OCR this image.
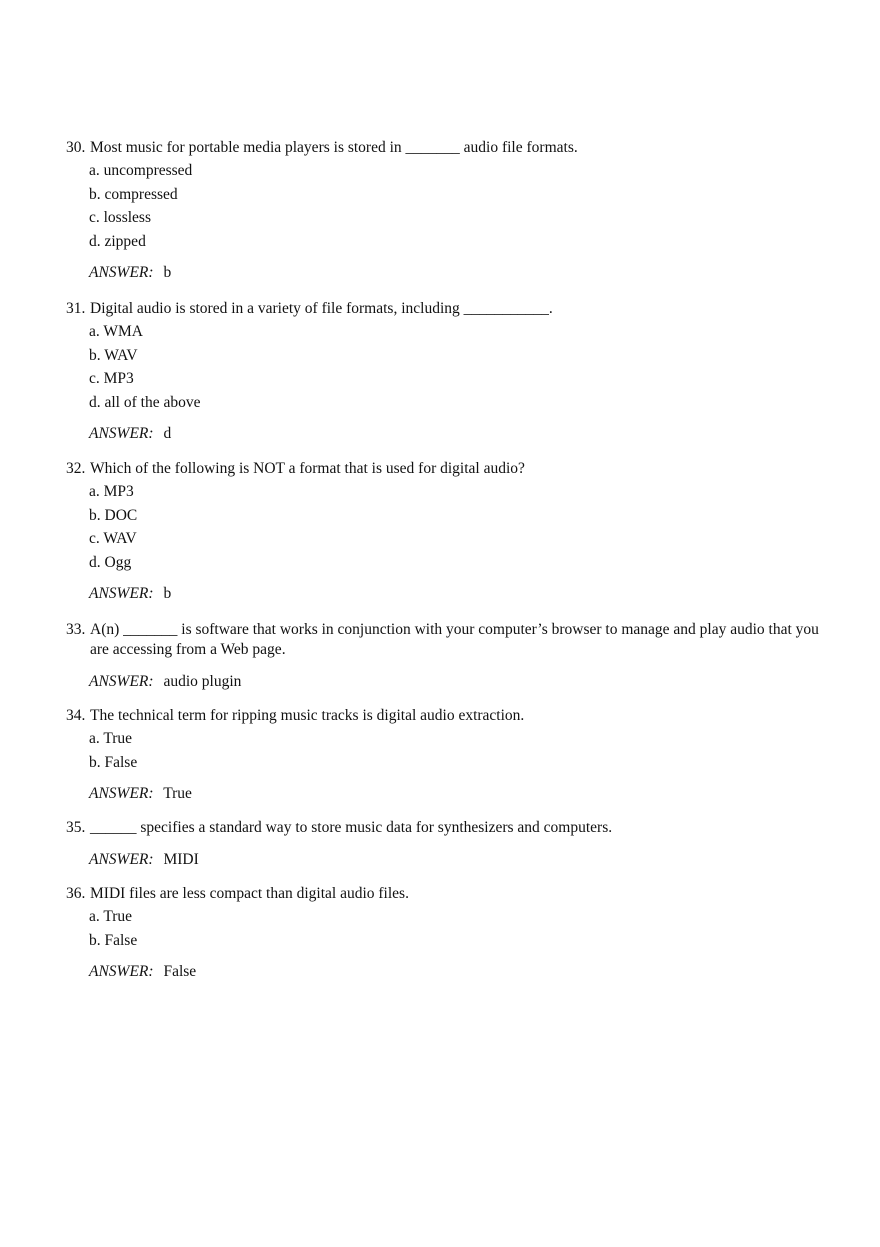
30. Most music for portable media players is stored in _______ audio file formats.
a. uncompressed
b. compressed
c. lossless
d. zipped
ANSWER: b
31. Digital audio is stored in a variety of file formats, including ___________.
a. WMA
b. WAV
c. MP3
d. all of the above
ANSWER: d
32. Which of the following is NOT a format that is used for digital audio?
a. MP3
b. DOC
c. WAV
d. Ogg
ANSWER: b
33. A(n) _______ is software that works in conjunction with your computer’s browser to manage and play audio that you are accessing from a Web page.
ANSWER: audio plugin
34. The technical term for ripping music tracks is digital audio extraction.
a. True
b. False
ANSWER: True
35. ______ specifies a standard way to store music data for synthesizers and computers.
ANSWER: MIDI
36. MIDI files are less compact than digital audio files.
a. True
b. False
ANSWER: False
